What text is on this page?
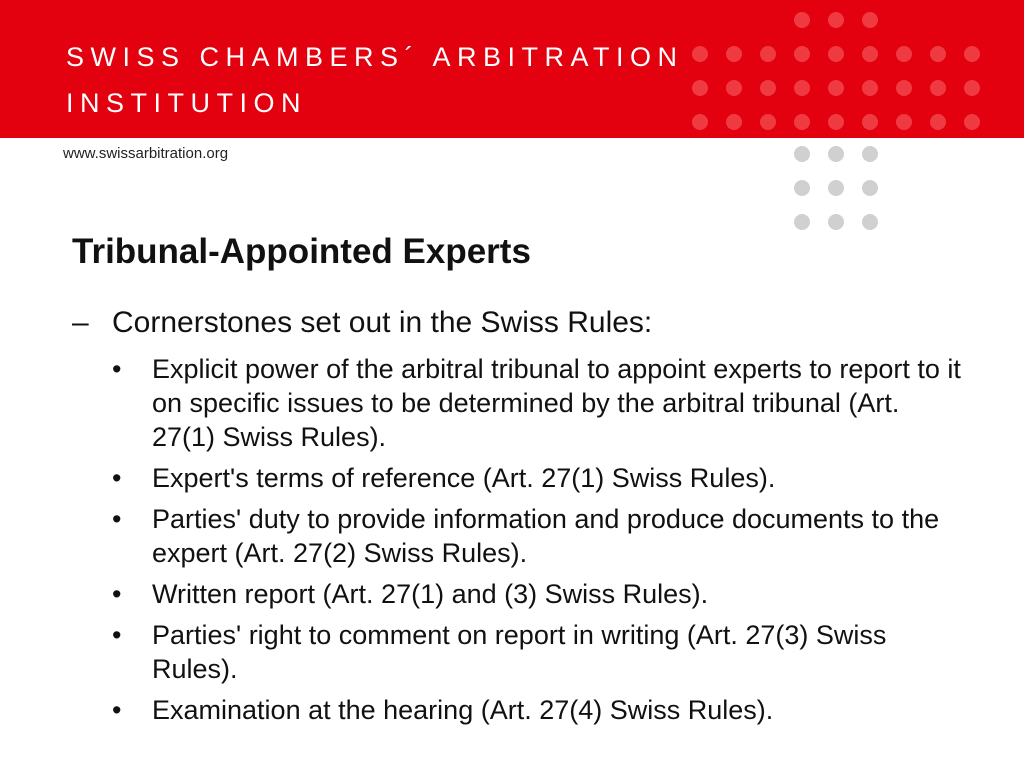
SWISS CHAMBERS´ ARBITRATION
INSTITUTION
www.swissarbitration.org
Tribunal-Appointed Experts
– Cornerstones set out in the Swiss Rules:
• Explicit power of the arbitral tribunal to appoint experts to report to it on specific issues to be determined by the arbitral tribunal (Art. 27(1) Swiss Rules).
• Expert's terms of reference (Art. 27(1) Swiss Rules).
• Parties' duty to provide information and produce documents to the expert (Art. 27(2) Swiss Rules).
• Written report (Art. 27(1) and (3) Swiss Rules).
• Parties' right to comment on report in writing (Art. 27(3) Swiss Rules).
• Examination at the hearing (Art. 27(4) Swiss Rules).
